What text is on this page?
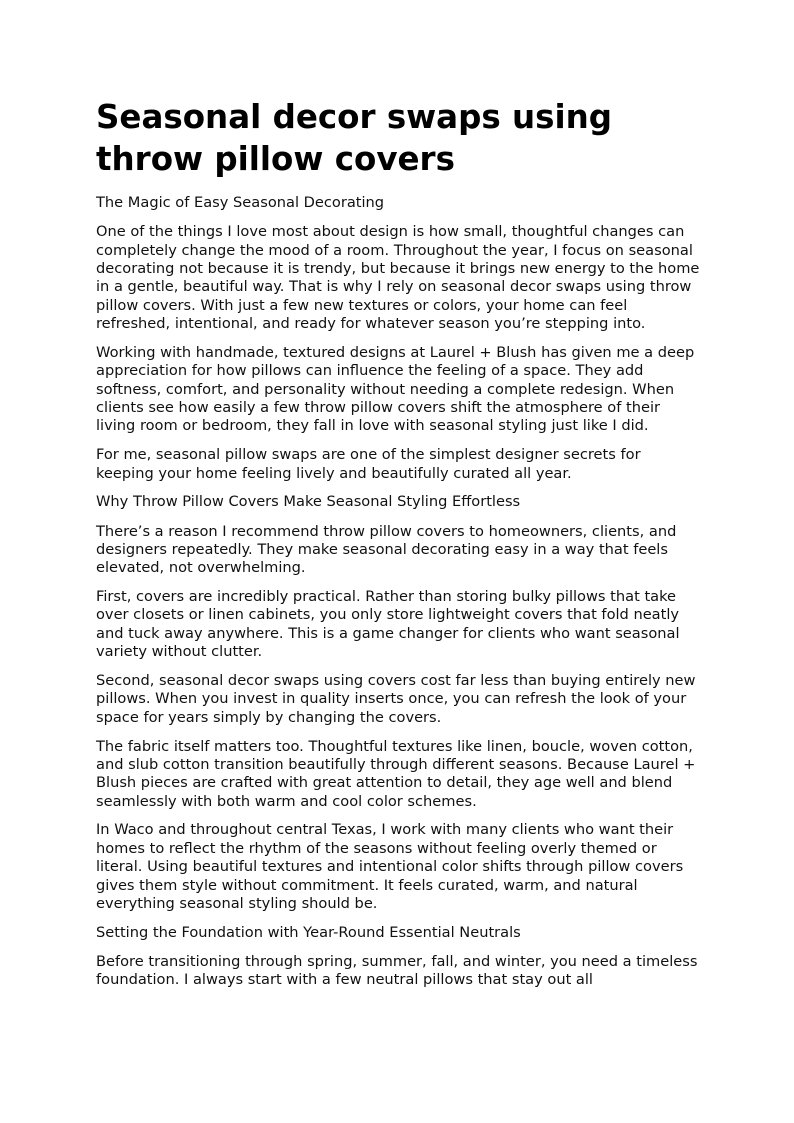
Seasonal decor swaps using throw pillow covers
The Magic of Easy Seasonal Decorating

One of the things I love most about design is how small, thoughtful changes can completely change the mood of a room. Throughout the year, I focus on seasonal decorating not because it is trendy, but because it brings new energy to the home in a gentle, beautiful way. That is why I rely on seasonal decor swaps using throw pillow covers. With just a few new textures or colors, your home can feel refreshed, intentional, and ready for whatever season you’re stepping into.

Working with handmade, textured designs at Laurel + Blush has given me a deep appreciation for how pillows can influence the feeling of a space. They add softness, comfort, and personality without needing a complete redesign. When clients see how easily a few throw pillow covers shift the atmosphere of their living room or bedroom, they fall in love with seasonal styling just like I did.

For me, seasonal pillow swaps are one of the simplest designer secrets for keeping your home feeling lively and beautifully curated all year.

Why Throw Pillow Covers Make Seasonal Styling Effortless

There’s a reason I recommend throw pillow covers to homeowners, clients, and designers repeatedly. They make seasonal decorating easy in a way that feels elevated, not overwhelming.

First, covers are incredibly practical. Rather than storing bulky pillows that take over closets or linen cabinets, you only store lightweight covers that fold neatly and tuck away anywhere. This is a game changer for clients who want seasonal variety without clutter.

Second, seasonal decor swaps using covers cost far less than buying entirely new pillows. When you invest in quality inserts once, you can refresh the look of your space for years simply by changing the covers.

The fabric itself matters too. Thoughtful textures like linen, boucle, woven cotton, and slub cotton transition beautifully through different seasons. Because Laurel + Blush pieces are crafted with great attention to detail, they age well and blend seamlessly with both warm and cool color schemes.

In Waco and throughout central Texas, I work with many clients who want their homes to reflect the rhythm of the seasons without feeling overly themed or literal. Using beautiful textures and intentional color shifts through pillow covers gives them style without commitment. It feels curated, warm, and natural everything seasonal styling should be.

Setting the Foundation with Year-Round Essential Neutrals

Before transitioning through spring, summer, fall, and winter, you need a timeless foundation. I always start with a few neutral pillows that stay out all
